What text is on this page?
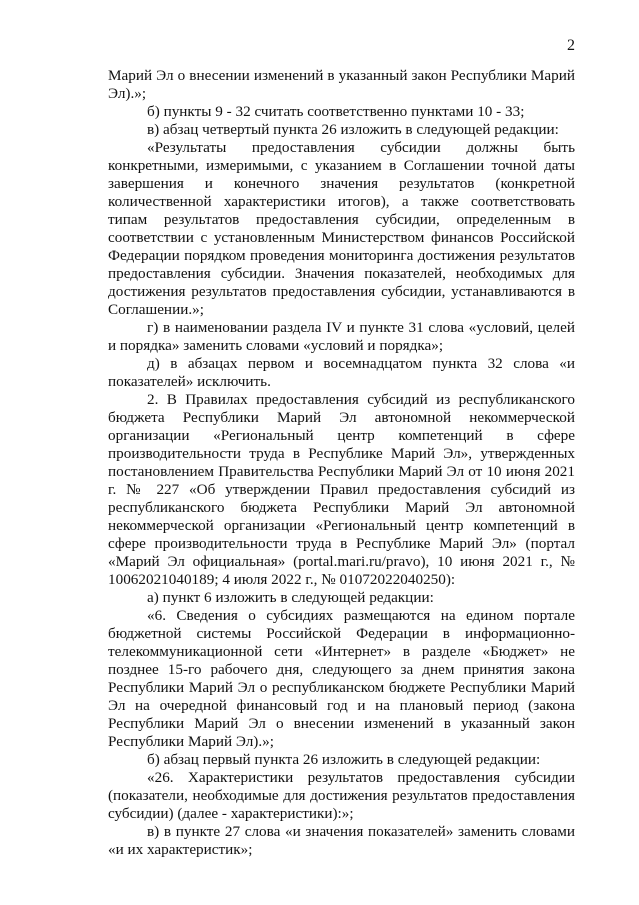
2

Марий Эл о внесении изменений в указанный закон Республики Марий Эл).»;

б) пункты 9 - 32 считать соответственно пунктами 10 - 33;

в) абзац четвертый пункта 26 изложить в следующей редакции:

«Результаты предоставления субсидии должны быть конкретными, измеримыми, с указанием в Соглашении точной даты завершения и конечного значения результатов (конкретной количественной характеристики итогов), а также соответствовать типам результатов предоставления субсидии, определенным в соответствии с установленным Министерством финансов Российской Федерации порядком проведения мониторинга достижения результатов предоставления субсидии. Значения показателей, необходимых для достижения результатов предоставления субсидии, устанавливаются в Соглашении.»;

г) в наименовании раздела IV и пункте 31 слова «условий, целей и порядка» заменить словами «условий и порядка»;

д) в абзацах первом и восемнадцатом пункта 32 слова «и показателей» исключить.

2. В Правилах предоставления субсидий из республиканского бюджета Республики Марий Эл автономной некоммерческой организации «Региональный центр компетенций в сфере производительности труда в Республике Марий Эл», утвержденных постановлением Правительства Республики Марий Эл от 10 июня 2021 г. № 227 «Об утверждении Правил предоставления субсидий из республиканского бюджета Республики Марий Эл автономной некоммерческой организации «Региональный центр компетенций в сфере производительности труда в Республике Марий Эл» (портал «Марий Эл официальная» (portal.mari.ru/pravo), 10 июня 2021 г., № 10062021040189; 4 июля 2022 г., № 01072022040250):

а) пункт 6 изложить в следующей редакции:

«6. Сведения о субсидиях размещаются на едином портале бюджетной системы Российской Федерации в информационно-телекоммуникационной сети «Интернет» в разделе «Бюджет» не позднее 15-го рабочего дня, следующего за днем принятия закона Республики Марий Эл о республиканском бюджете Республики Марий Эл на очередной финансовый год и на плановый период (закона Республики Марий Эл о внесении изменений в указанный закон Республики Марий Эл).»;

б) абзац первый пункта 26 изложить в следующей редакции:

«26. Характеристики результатов предоставления субсидии (показатели, необходимые для достижения результатов предоставления субсидии) (далее - характеристики):»;

в) в пункте 27 слова «и значения показателей» заменить словами «и их характеристик»;
